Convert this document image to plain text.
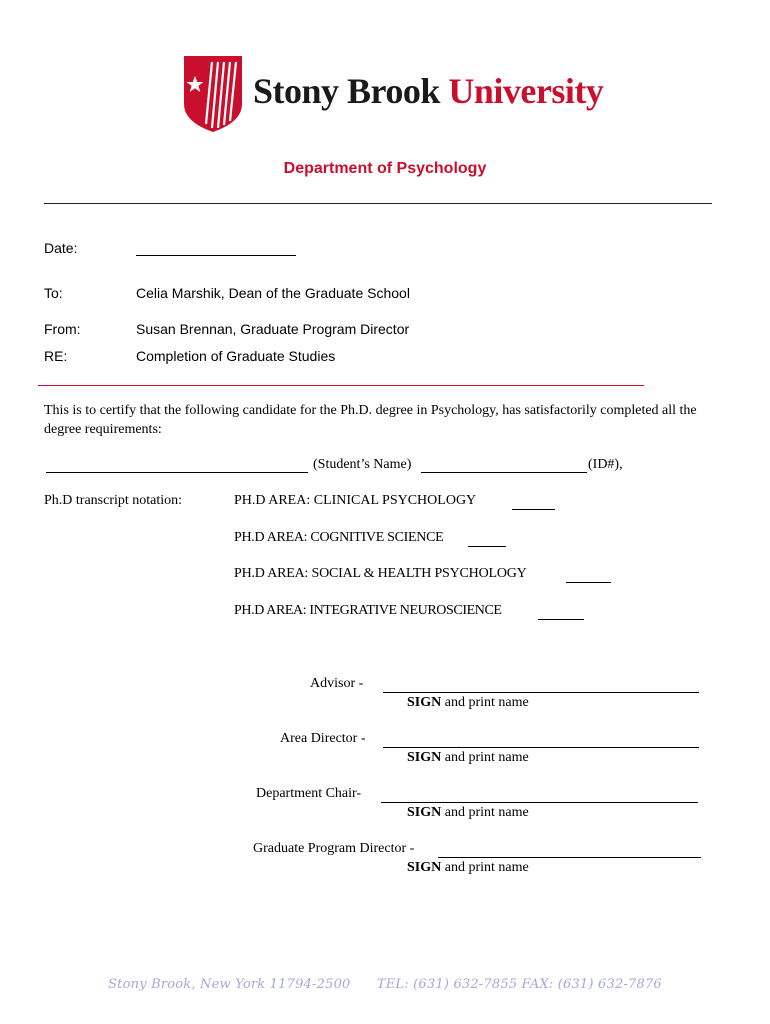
Stony Brook University
Department of Psychology
Date:
To:	Celia Marshik, Dean of the Graduate School
From:	Susan Brennan, Graduate Program Director
RE:	Completion of Graduate Studies
This is to certify that the following candidate for the Ph.D. degree in Psychology, has satisfactorily completed all the degree requirements:
(Student’s Name)	(ID#),
Ph.D transcript notation:	PH.D AREA: CLINICAL PSYCHOLOGY
PH.D AREA: COGNITIVE SCIENCE
PH.D AREA: SOCIAL & HEALTH PSYCHOLOGY
PH.D AREA: INTEGRATIVE NEUROSCIENCE
Advisor -
SIGN and print name
Area Director -
SIGN and print name
Department Chair-
SIGN and print name
Graduate Program Director -
SIGN and print name
Stony Brook, New York 11794-2500 TEL: (631) 632-7855 FAX: (631) 632-7876
